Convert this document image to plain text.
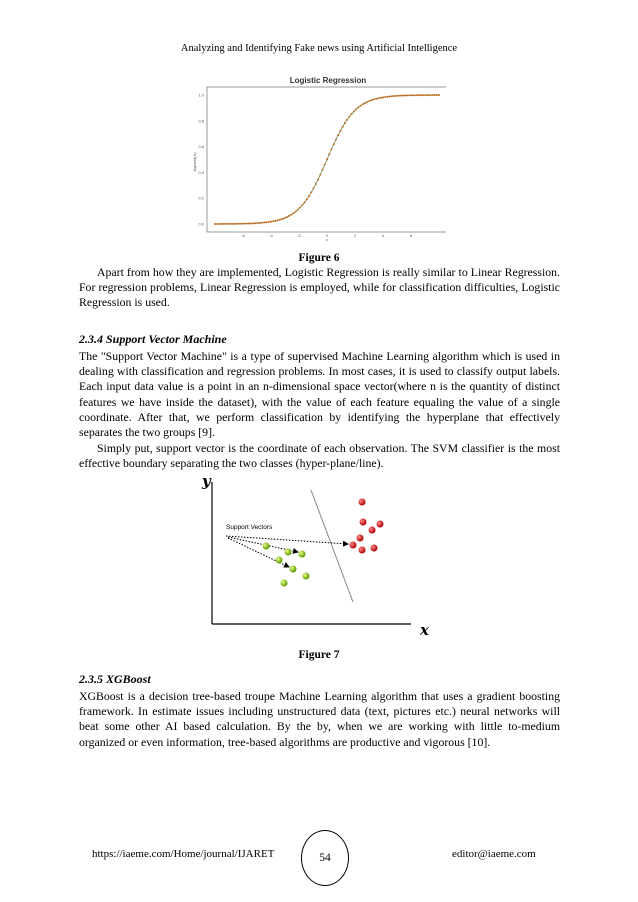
Analyzing and Identifying Fake news using Artificial Intelligence
Logistic Regression
0.0
0.2
0.4
0.6
0.8
1.0
-6	-4	-2	0	2	4	6
sigmoid(X)
x
Figure 6

Apart from how they are implemented, Logistic Regression is really similar to Linear Regression. For regression problems, Linear Regression is employed, while for classification difficulties, Logistic Regression is used.

2.3.4 Support Vector Machine

The "Support Vector Machine" is a type of supervised Machine Learning algorithm which is used in dealing with classification and regression problems. In most cases, it is used to classify output labels. Each input data value is a point in an n-dimensional space vector(where n is the quantity of distinct features we have inside the dataset), with the value of each feature equaling the value of a single coordinate. After that, we perform classification by identifying the hyperplane that effectively separates the two groups [9].

Simply put, support vector is the coordinate of each observation. The SVM classifier is the most effective boundary separating the two classes (hyper-plane/line).

y
x
Support Vectors
Figure 7

2.3.5 XGBoost

XGBoost is a decision tree-based troupe Machine Learning algorithm that uses a gradient boosting framework. In estimate issues including unstructured data (text, pictures etc.) neural networks will beat some other AI based calculation. By the by, when we are working with little to-medium organized or even information, tree-based algorithms are productive and vigorous [10].

https://iaeme.com/Home/journal/IJARET	54	editor@iaeme.com
